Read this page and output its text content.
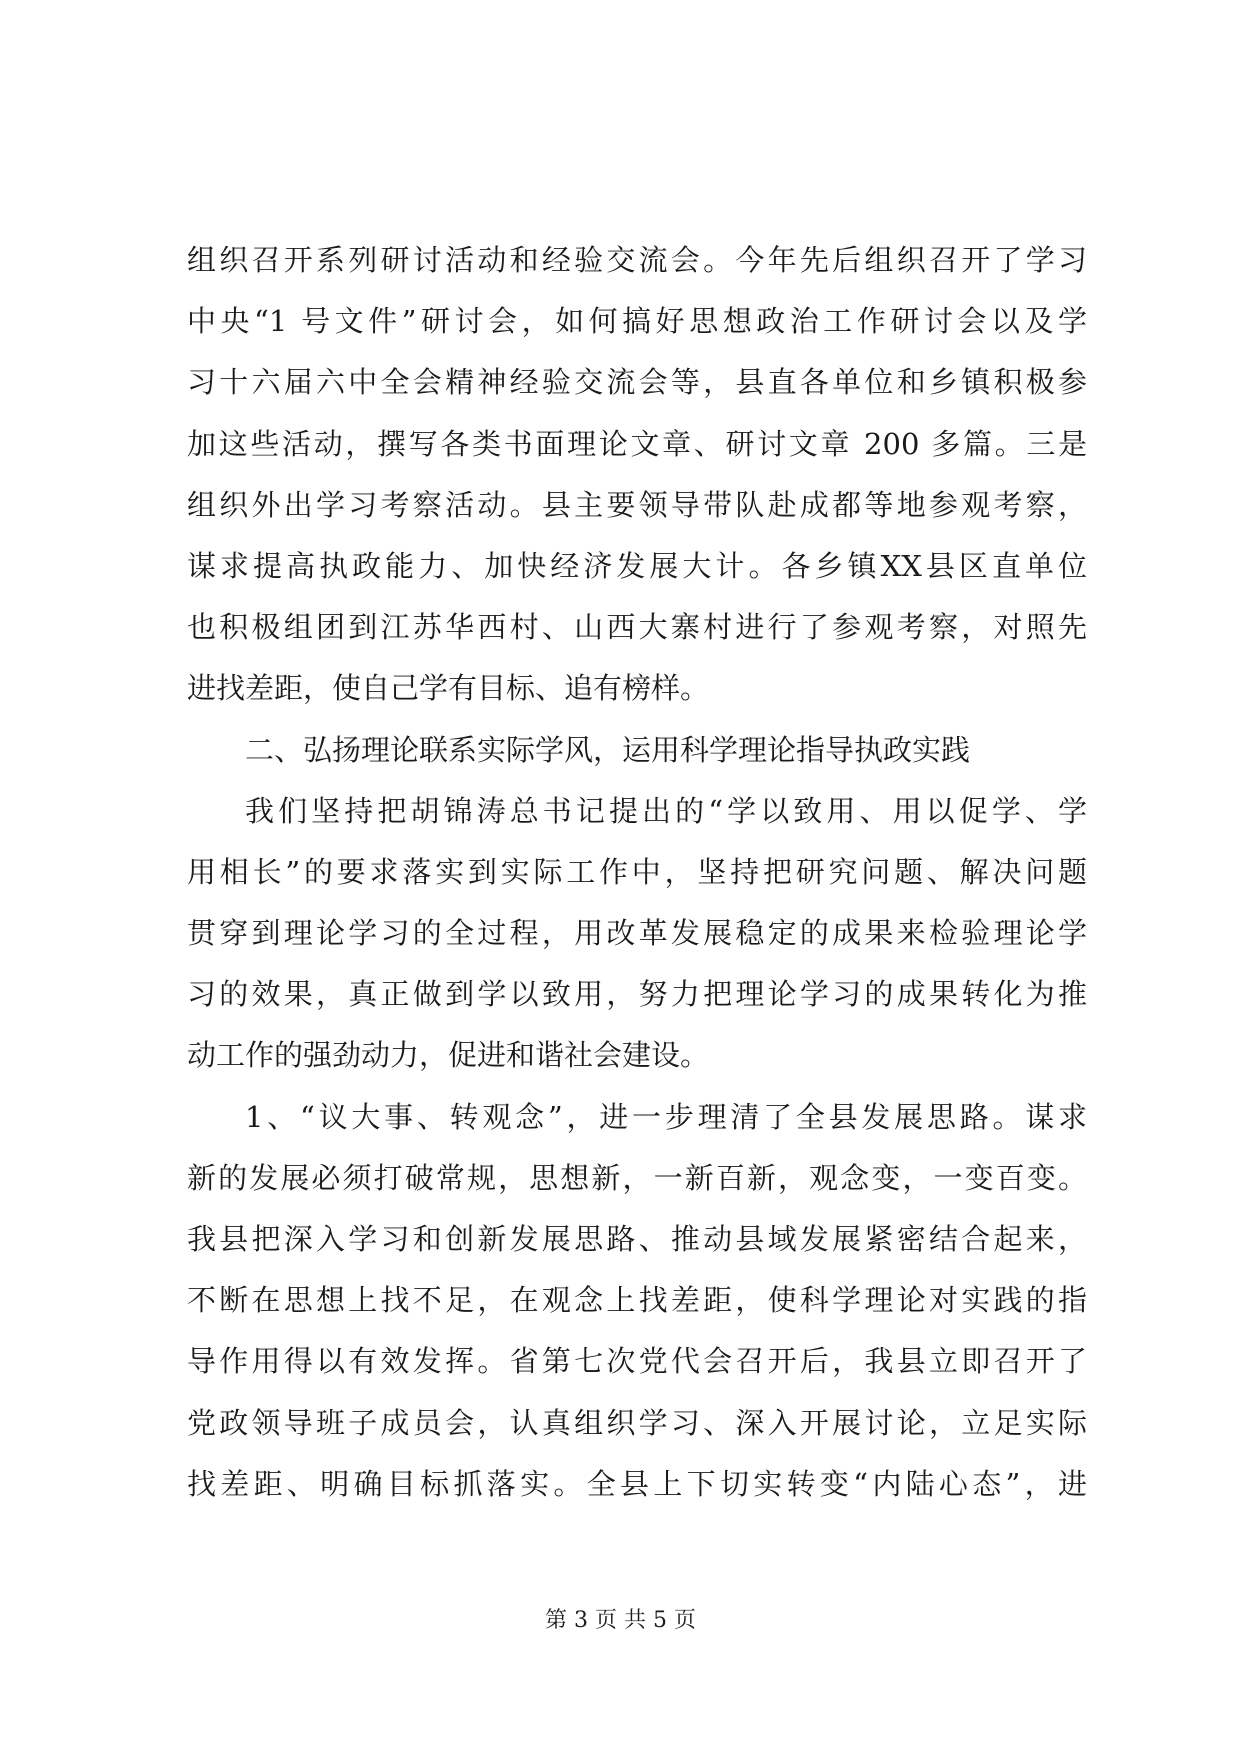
组织召开系列研讨活动和经验交流会。今年先后组织召开了学习
中央“1 号文件”研讨会，如何搞好思想政治工作研讨会以及学
习十六届六中全会精神经验交流会等，县直各单位和乡镇积极参
加这些活动，撰写各类书面理论文章、研讨文章 200 多篇。三是
组织外出学习考察活动。县主要领导带队赴成都等地参观考察，
谋求提高执政能力、加快经济发展大计。各乡镇XX县区直单位
也积极组团到江苏华西村、山西大寨村进行了参观考察，对照先
进找差距，使自己学有目标、追有榜样。
二、弘扬理论联系实际学风，运用科学理论指导执政实践
我们坚持把胡锦涛总书记提出的“学以致用、用以促学、学
用相长”的要求落实到实际工作中，坚持把研究问题、解决问题
贯穿到理论学习的全过程，用改革发展稳定的成果来检验理论学
习的效果，真正做到学以致用，努力把理论学习的成果转化为推
动工作的强劲动力，促进和谐社会建设。
1、“议大事、转观念”，进一步理清了全县发展思路。谋求
新的发展必须打破常规，思想新，一新百新，观念变，一变百变。
我县把深入学习和创新发展思路、推动县域发展紧密结合起来，
不断在思想上找不足，在观念上找差距，使科学理论对实践的指
导作用得以有效发挥。省第七次党代会召开后，我县立即召开了
党政领导班子成员会，认真组织学习、深入开展讨论，立足实际
找差距、明确目标抓落实。全县上下切实转变“内陆心态”，进
第 3 页 共 5 页
